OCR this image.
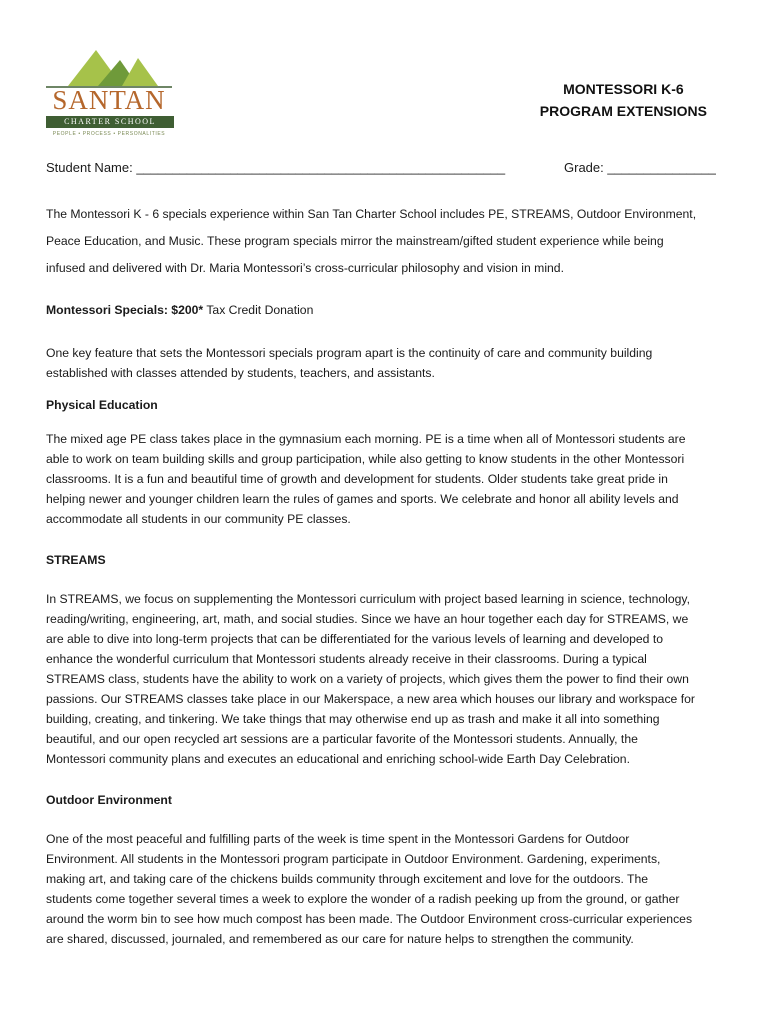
SANTAN
CHARTER SCHOOL
PEOPLE • PROCESS • PERSONALITIES
MONTESSORI K-6
PROGRAM EXTENSIONS
Student Name: ___________________________________________________	Grade: _______________
The Montessori K - 6 specials experience within San Tan Charter School includes PE, STREAMS, Outdoor Environment,
Peace Education, and Music. These program specials mirror the mainstream/gifted student experience while being
infused and delivered with Dr. Maria Montessori’s cross-curricular philosophy and vision in mind.
Montessori Specials: $200* Tax Credit Donation
One key feature that sets the Montessori specials program apart is the continuity of care and community building
established with classes attended by students, teachers, and assistants.
Physical Education
The mixed age PE class takes place in the gymnasium each morning. PE is a time when all of Montessori students are
able to work on team building skills and group participation, while also getting to know students in the other Montessori
classrooms. It is a fun and beautiful time of growth and development for students. Older students take great pride in
helping newer and younger children learn the rules of games and sports. We celebrate and honor all ability levels and
accommodate all students in our community PE classes.
STREAMS
In STREAMS, we focus on supplementing the Montessori curriculum with project based learning in science, technology,
reading/writing, engineering, art, math, and social studies. Since we have an hour together each day for STREAMS, we
are able to dive into long-term projects that can be differentiated for the various levels of learning and developed to
enhance the wonderful curriculum that Montessori students already receive in their classrooms. During a typical
STREAMS class, students have the ability to work on a variety of projects, which gives them the power to find their own
passions. Our STREAMS classes take place in our Makerspace, a new area which houses our library and workspace for
building, creating, and tinkering. We take things that may otherwise end up as trash and make it all into something
beautiful, and our open recycled art sessions are a particular favorite of the Montessori students. Annually, the
Montessori community plans and executes an educational and enriching school-wide Earth Day Celebration.
Outdoor Environment
One of the most peaceful and fulfilling parts of the week is time spent in the Montessori Gardens for Outdoor
Environment. All students in the Montessori program participate in Outdoor Environment. Gardening, experiments,
making art, and taking care of the chickens builds community through excitement and love for the outdoors. The
students come together several times a week to explore the wonder of a radish peeking up from the ground, or gather
around the worm bin to see how much compost has been made. The Outdoor Environment cross-curricular experiences
are shared, discussed, journaled, and remembered as our care for nature helps to strengthen the community.
